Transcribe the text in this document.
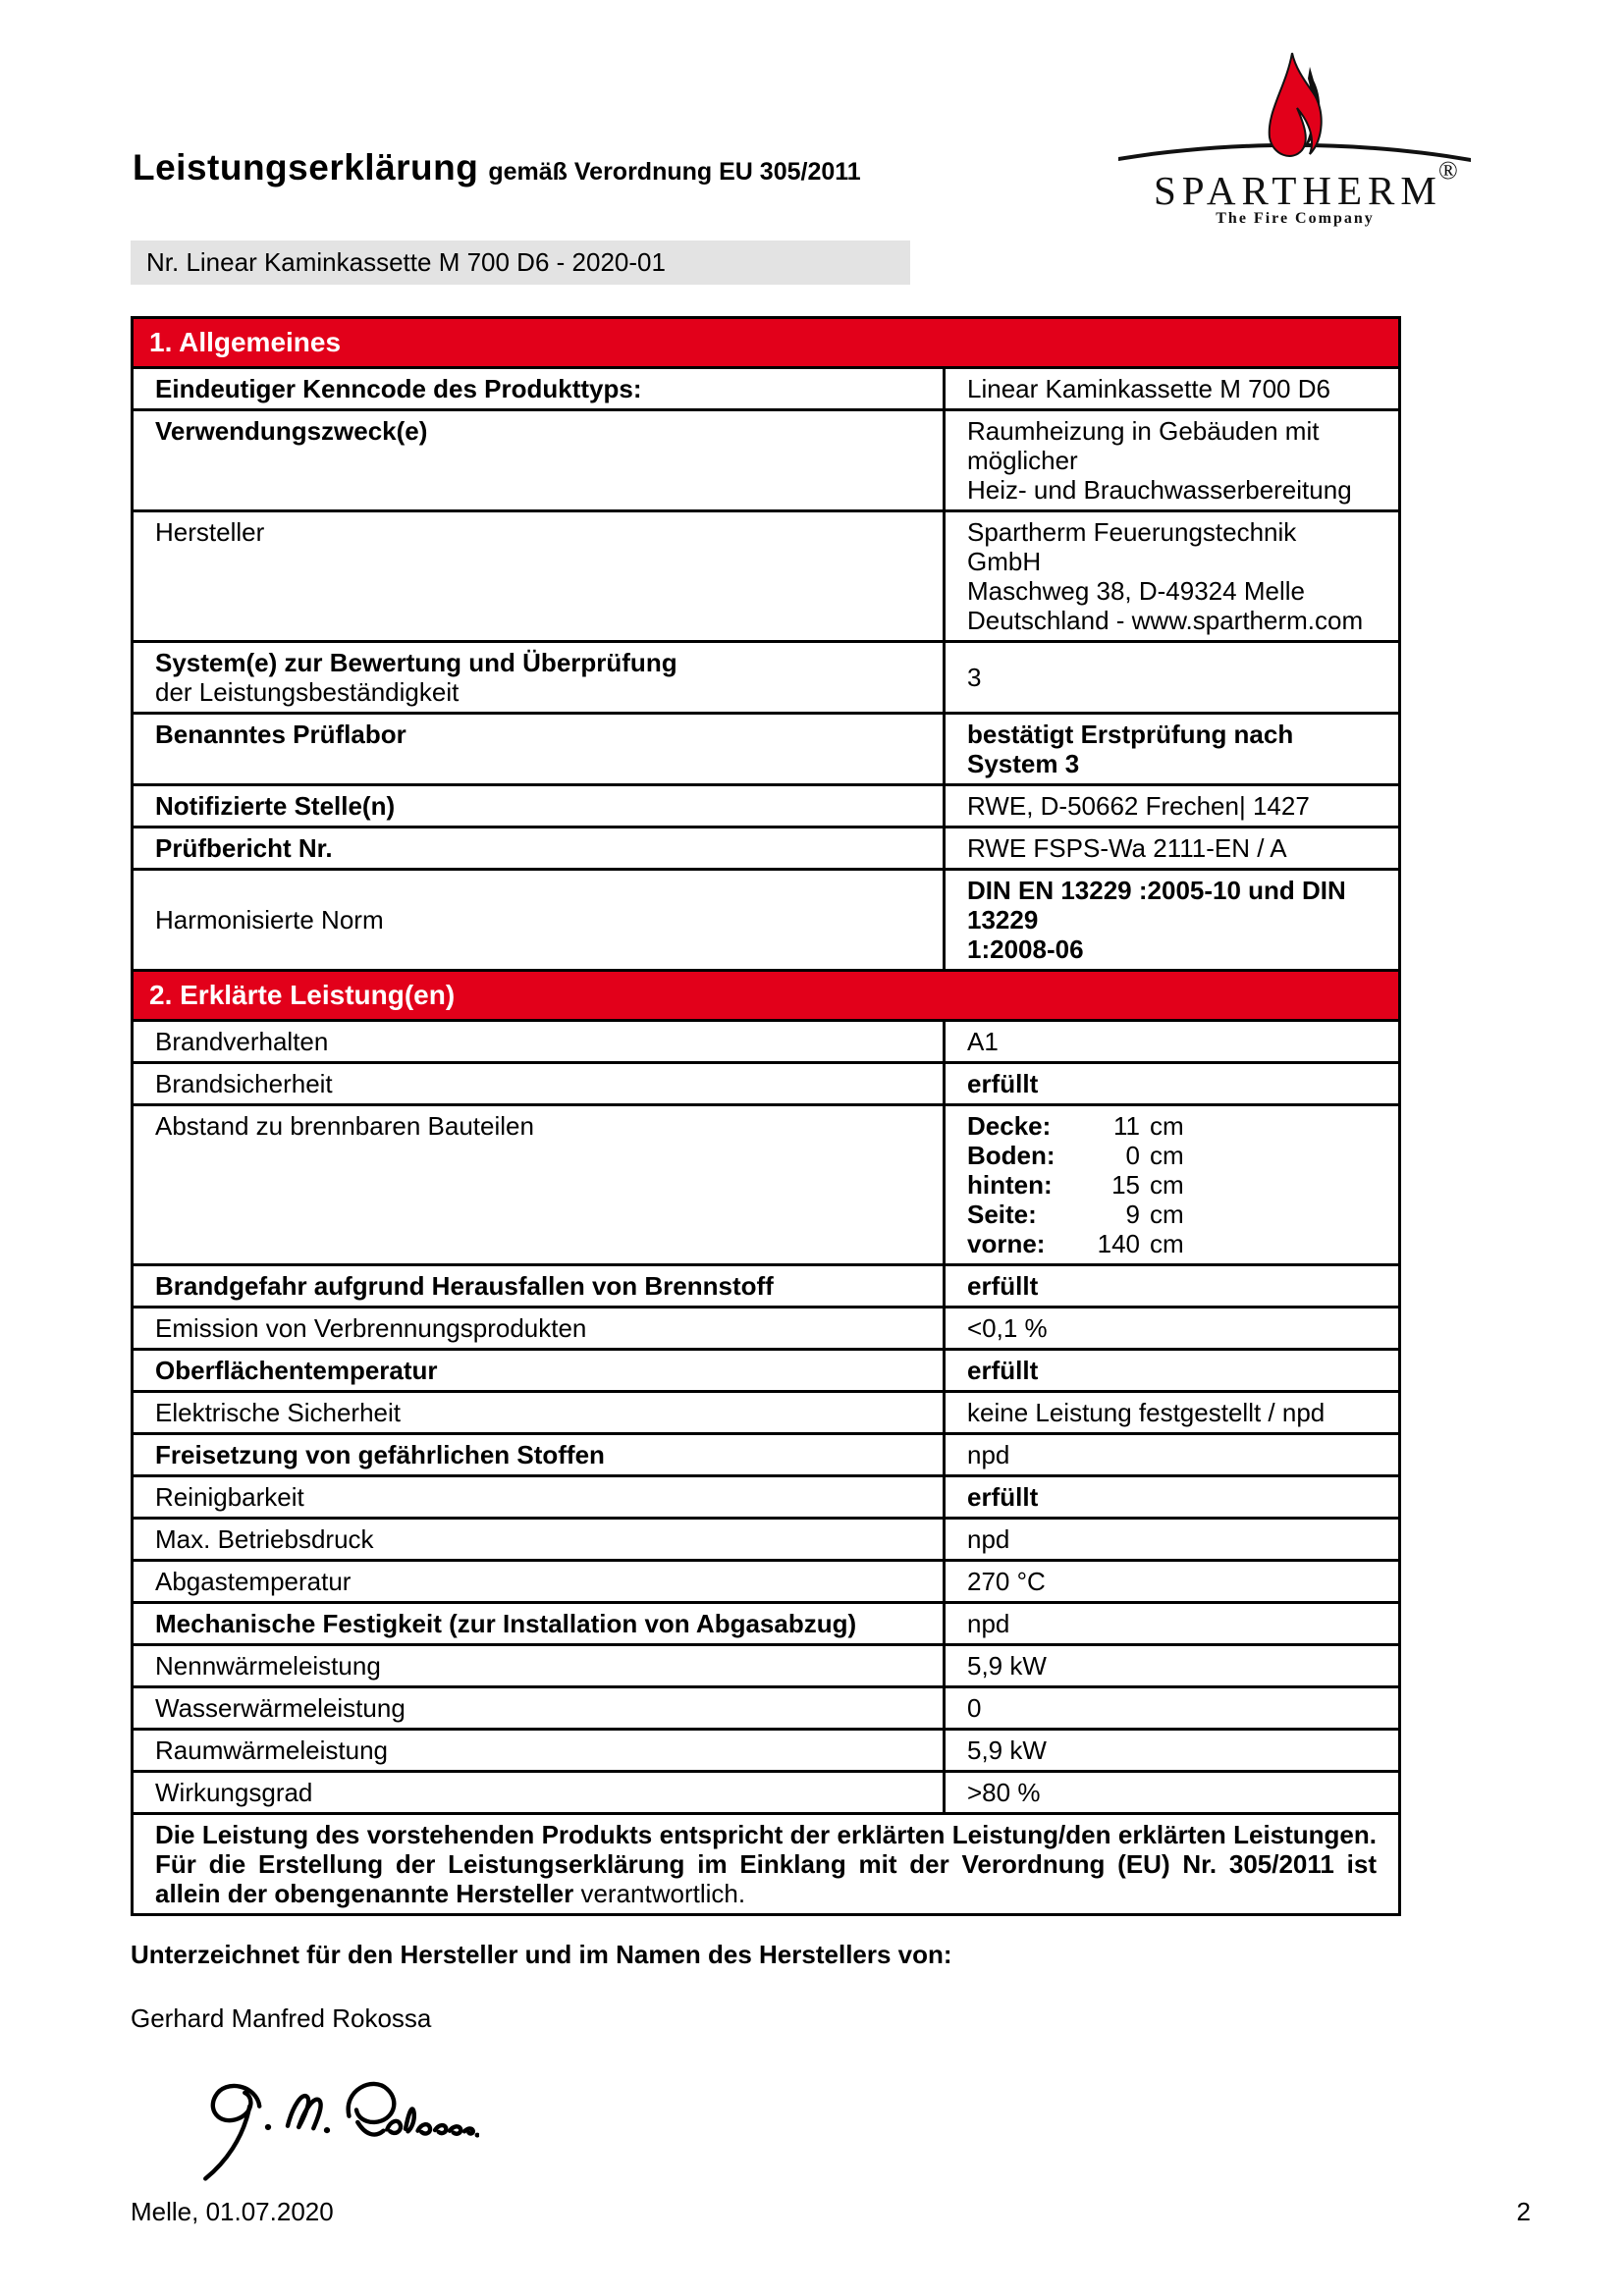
Leistungserklärung gemäß Verordnung EU 305/2011	SPARTHERM
®
The Fire Company
Nr. Linear Kaminkassette M 700 D6 - 2020-01
1. Allgemeines	
Eindeutiger Kenncode des Produkttyps:	Linear Kaminkassette M 700 D6
Verwendungszweck(e)	Raumheizung in Gebäuden mit möglicher
Heiz- und Brauchwasserbereitung

Hersteller	Spartherm Feuerungstechnik GmbH
Maschweg 38, D-49324 Melle
Deutschland - www.spartherm.com

System(e) zur Bewertung und Überprüfung
der Leistungsbeständigkeit	3
Benanntes Prüflabor	bestätigt Erstprüfung nach System 3
Notifizierte Stelle(n)	RWE, D-50662 Frechen| 1427
Prüfbericht Nr.	RWE FSPS-Wa 2111-EN / A
Harmonisierte Norm	DIN EN 13229 :2005-10 und DIN 13229
1:2008-06

2. Erklärte Leistung(en)	
Brandverhalten	A1
Brandsicherheit	erfüllt
Abstand zu brennbaren Bauteilen	Decke:	11 cm
Boden:	0 cm
hinten:	15 cm
Seite:	9 cm
vorne:	140 cm

Brandgefahr aufgrund Herausfallen von Brennstoff	erfüllt
Emission von Verbrennungsprodukten	<0,1 %
Oberflächentemperatur	erfüllt
Elektrische Sicherheit	keine Leistung festgestellt / npd
Freisetzung von gefährlichen Stoffen	npd
Reinigbarkeit	erfüllt
Max. Betriebsdruck	npd
Abgastemperatur	270 °C
Mechanische Festigkeit (zur Installation von Abgasabzug)	npd
Nennwärmeleistung	5,9 kW
Wasserwärmeleistung	0
Raumwärmeleistung	5,9 kW
Wirkungsgrad	>80 %
Die Leistung des vorstehenden Produkts entspricht der erklärten Leistung/den erklärten Leistungen. Für die Erstellung der Leistungserklärung im Einklang mit der Verordnung (EU) Nr. 305/2011 ist allein der obengenannte Hersteller verantwortlich.	
Unterzeichnet für den Hersteller und im Namen des Herstellers von:
Gerhard Manfred Rokossa
Melle, 01.07.2020	2
